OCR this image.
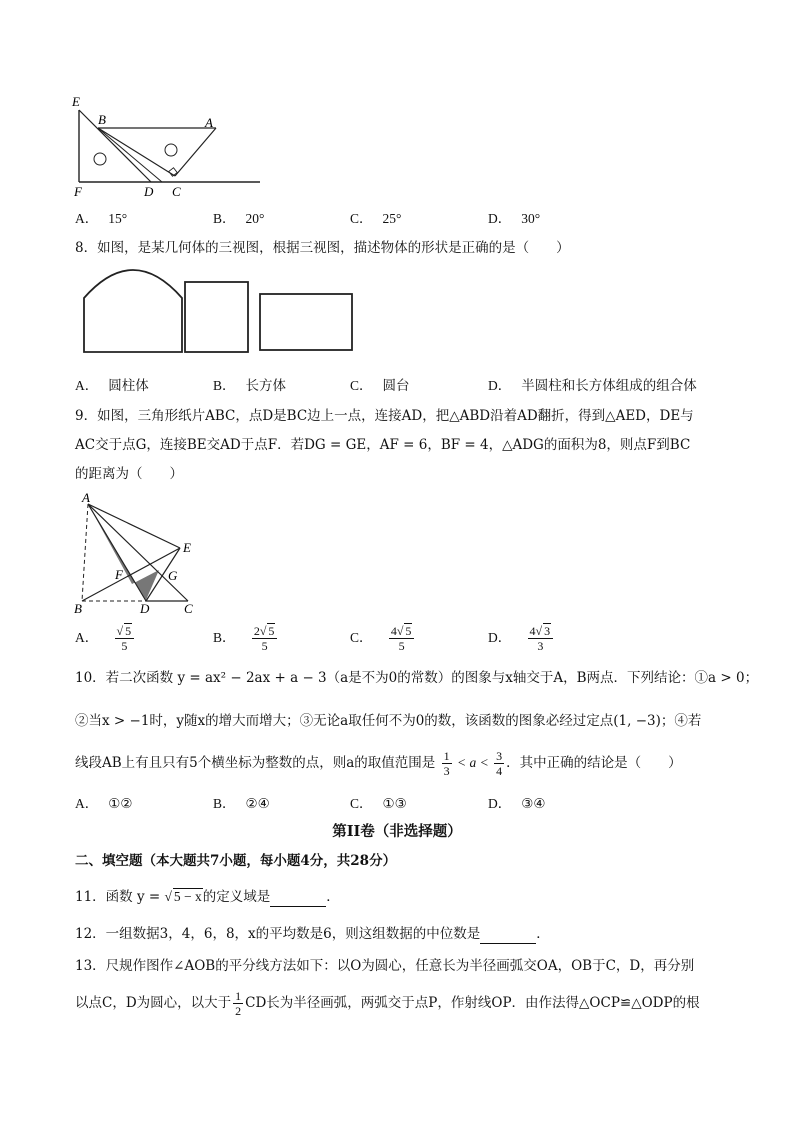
E
B	A
F	D C
A． 15°	B． 20°	C． 25°	D． 30°
8．如图，是某几何体的三视图，根据三视图，描述物体的形状是正确的是（　　）
A． 圆柱体	B． 长方体	C． 圆台	D． 半圆柱和长方体组成的组合体
9．如图，三角形纸片ABC，点D是BC边上一点，连接AD，把△ABD沿着AD翻折，得到△AED，DE与
AC交于点G，连接BE交AD于点F．若DG = GE，AF = 6，BF = 4，△ADG的面积为8，则点F到BC
的距离为（　　）
A
E
F	G
B	D	C
A． $\frac{√ 5}{5}$	B． $\frac{2√ 5}{5}$	C． $\frac{4√ 5}{5}$	D． $\frac{4√ 3}{3}$
10．若二次函数 y = ax² − 2ax + a − 3（a是不为0的常数）的图象与x轴交于A，B两点．下列结论：①a > 0；
②当x > −1时，y随x的增大而增大；③无论a取任何不为0的数，该函数的图象必经过定点(1, −3)；④若
线段AB上有且只有5个横坐标为整数的点，则a的取值范围是 $\frac{1}{3} < a < \frac{3}{4}$ ．其中正确的结论是（　　）
A． ①②	B． ②④	C． ①③	D． ③④
第II卷（非选择题）
二、填空题（本大题共7小题，每小题4分，共28分）
11．函数 y = √ 5 − x的定义域是	．
12．一组数据3，4，6，8，x的平均数是6，则这组数据的中位数是	．
13．尺规作图作∠AOB的平分线方法如下：以O为圆心，任意长为半径画弧交OA，OB于C，D，再分别
以点C，D为圆心，以大于 $\frac{1}{2}$ CD长为半径画弧，两弧交于点P，作射线OP．由作法得△OCP≌△ODP的根
